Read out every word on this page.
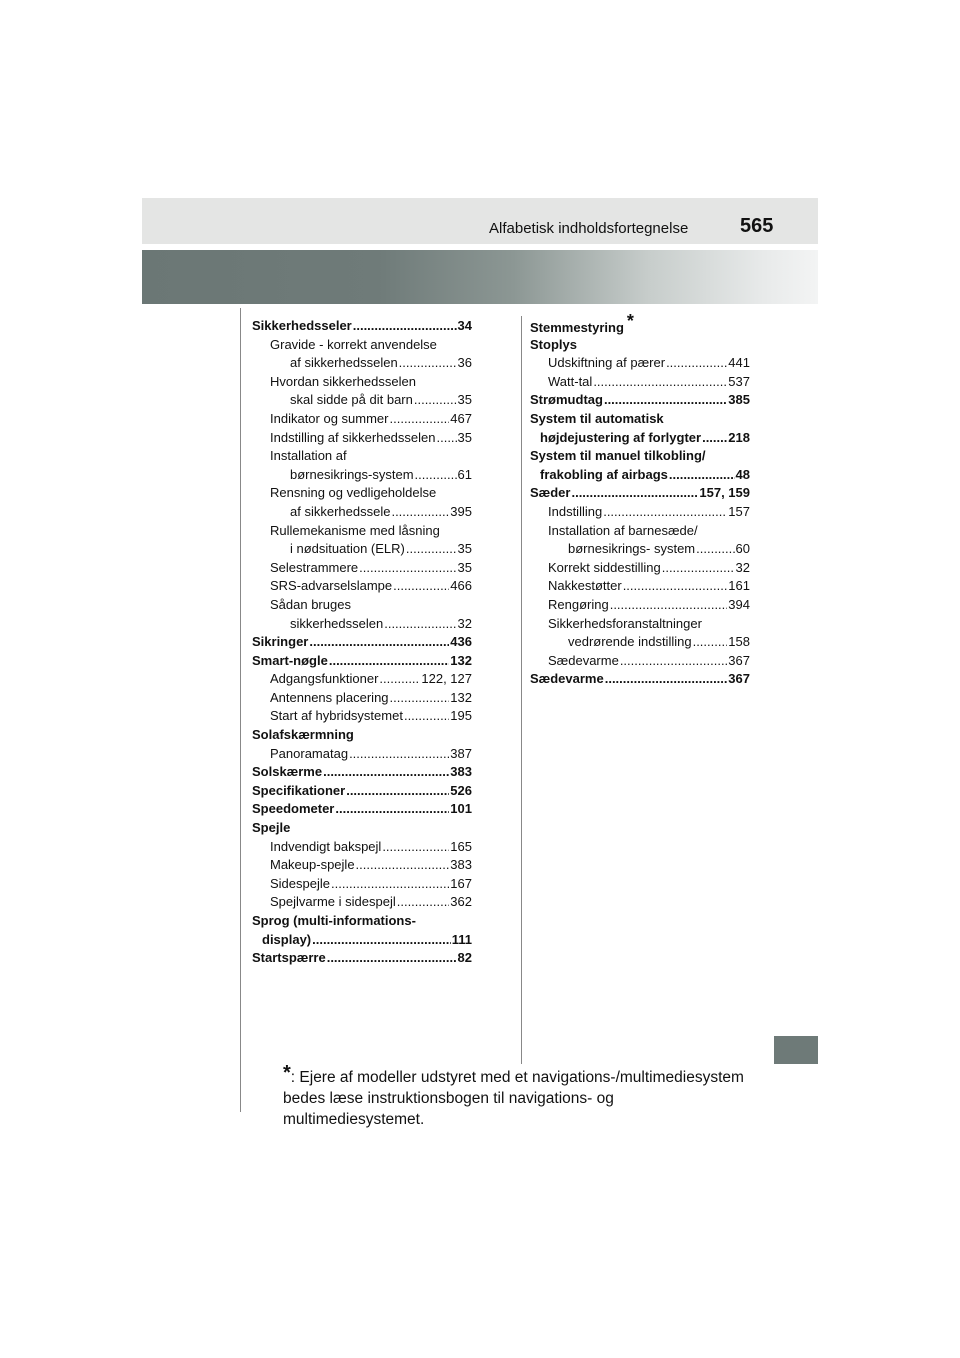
Alfabetisk indholdsfortegnelse	565
Sikkerhedsseler .....	34
Gravide - korrekt anvendelse
af sikkerhedsselen .....	36
Hvordan sikkerhedsselen
skal sidde på dit barn .....	35
Indikator og summer .....	467
Indstilling af sikkerhedsselen ..... 35
Installation af
børnesikrings-system .....	61
Rensning og vedligeholdelse
af sikkerhedssele .....	395
Rullemekanisme med låsning
i nødsituation (ELR) .....	35
Selestrammere .....	35
SRS-advarselslampe .....	466
Sådan bruges
sikkerhedsselen .....	32
Sikringer .....	436
Smart-nøgle .....	132
Adgangsfunktioner .....	122, 127
Antennens placering .....	132
Start af hybridsystemet .....	195
Solafskærmning
Panoramatag .....	387
Solskærme .....	383
Specifikationer .....	526
Speedometer .....	101
Spejle
Indvendigt bakspejl .....	165
Makeup-spejle .....	383
Sidespejle .....	167
Spejlvarme i sidespejl .....	362
Sprog (multi-informations-
display) .....	111
Startspærre .....	82
Stemmestyring *
Stoplys
Udskiftning af pærer .....	441
Watt-tal .....	537
Strømudtag .....	385
System til automatisk
højdejustering af forlygter ..... 218
System til manuel tilkobling/
frakobling af airbags .....	48
Sæder .....	157, 159
Indstilling .....	157
Installation af barnesæde/
børnesikrings- system .....	60
Korrekt siddestilling .....	32
Nakkestøtter .....	161
Rengøring .....	394
Sikkerhedsforanstaltninger
vedrørende indstilling .....	158
Sædevarme .....	367
Sædevarme .....	367
*: Ejere af modeller udstyret med et navigations-/multimediesystem
bedes læse instruktionsbogen til navigations- og multimediesystemet.
